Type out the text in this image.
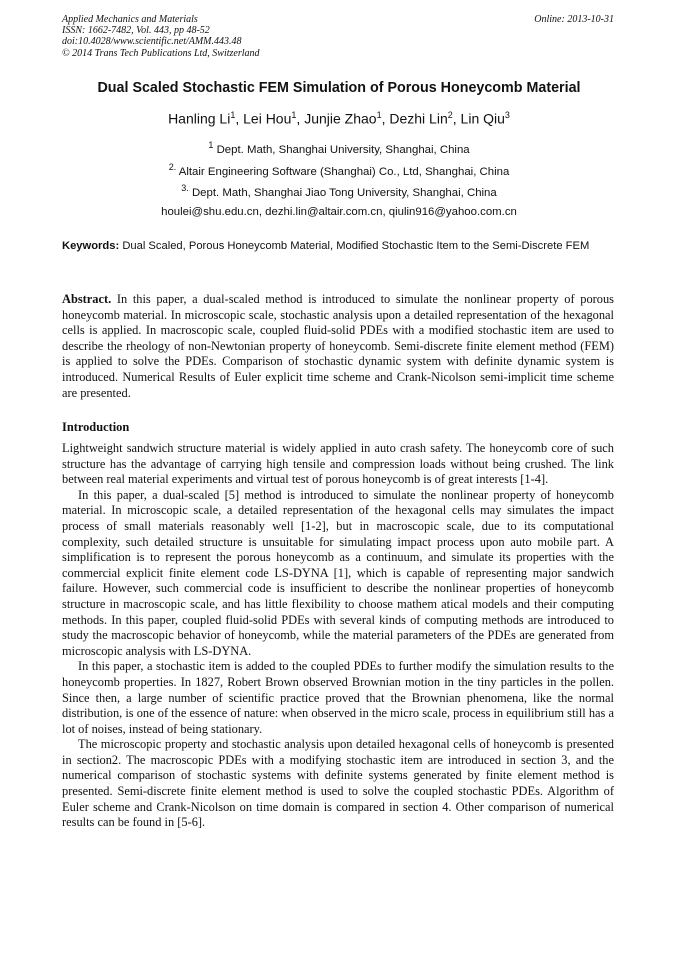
Applied Mechanics and Materials
ISSN: 1662-7482, Vol. 443, pp 48-52
doi:10.4028/www.scientific.net/AMM.443.48
© 2014 Trans Tech Publications Ltd, Switzerland
Online: 2013-10-31
Dual Scaled Stochastic FEM Simulation of Porous Honeycomb Material
Hanling Li$^1$, Lei Hou$^1$, Junjie Zhao$^1$, Dezhi Lin$^2$, Lin Qiu$^3$
$^1$ Dept. Math, Shanghai University, Shanghai, China
$^{2.}$ Altair Engineering Software (Shanghai) Co., Ltd, Shanghai, China
$^{3.}$ Dept. Math, Shanghai Jiao Tong University, Shanghai, China
houlei@shu.edu.cn, dezhi.lin@altair.com.cn, qiulin916@yahoo.com.cn
Keywords: Dual Scaled, Porous Honeycomb Material, Modified Stochastic Item to the Semi-Discrete FEM
Abstract. In this paper, a dual-scaled method is introduced to simulate the nonlinear property of porous honeycomb material. In microscopic scale, stochastic analysis upon a detailed representation of the hexagonal cells is applied. In macroscopic scale, coupled fluid-solid PDEs with a modified stochastic item are used to describe the rheology of non-Newtonian property of honeycomb. Semi-discrete finite element method (FEM) is applied to solve the PDEs. Comparison of stochastic dynamic system with definite dynamic system is introduced. Numerical Results of Euler explicit time scheme and Crank-Nicolson semi-implicit time scheme are presented.
Introduction

Lightweight sandwich structure material is widely applied in auto crash safety. The honeycomb core of such structure has the advantage of carrying high tensile and compression loads without being crushed. The link between real material experiments and virtual test of porous honeycomb is of great interests [1-4].

In this paper, a dual-scaled [5] method is introduced to simulate the nonlinear property of honeycomb material. In microscopic scale, a detailed representation of the hexagonal cells may simulates the impact process of small materials reasonably well [1-2], but in macroscopic scale, due to its computational complexity, such detailed structure is unsuitable for simulating impact process upon auto mobile part. A simplification is to represent the porous honeycomb as a continuum, and simulate its properties with the commercial explicit finite element code LS-DYNA [1], which is capable of representing major sandwich failure. However, such commercial code is insufficient to describe the nonlinear properties of honeycomb structure in macroscopic scale, and has little flexibility to choose mathem atical models and their computing methods. In this paper, coupled fluid-solid PDEs with several kinds of computing methods are introduced to study the macroscopic behavior of honeycomb, while the material parameters of the PDEs are generated from microscopic analysis with LS-DYNA.

In this paper, a stochastic item is added to the coupled PDEs to further modify the simulation results to the honeycomb properties. In 1827, Robert Brown observed Brownian motion in the tiny particles in the pollen. Since then, a large number of scientific practice proved that the Brownian phenomena, like the normal distribution, is one of the essence of nature: when observed in the micro scale, process in equilibrium still has a lot of noises, instead of being stationary.

The microscopic property and stochastic analysis upon detailed hexagonal cells of honeycomb is presented in section2. The macroscopic PDEs with a modifying stochastic item are introduced in section 3, and the numerical comparison of stochastic systems with definite systems generated by finite element method is presented. Semi-discrete finite element method is used to solve the coupled stochastic PDEs. Algorithm of Euler scheme and Crank-Nicolson on time domain is compared in section 4. Other comparison of numerical results can be found in [5-6].
